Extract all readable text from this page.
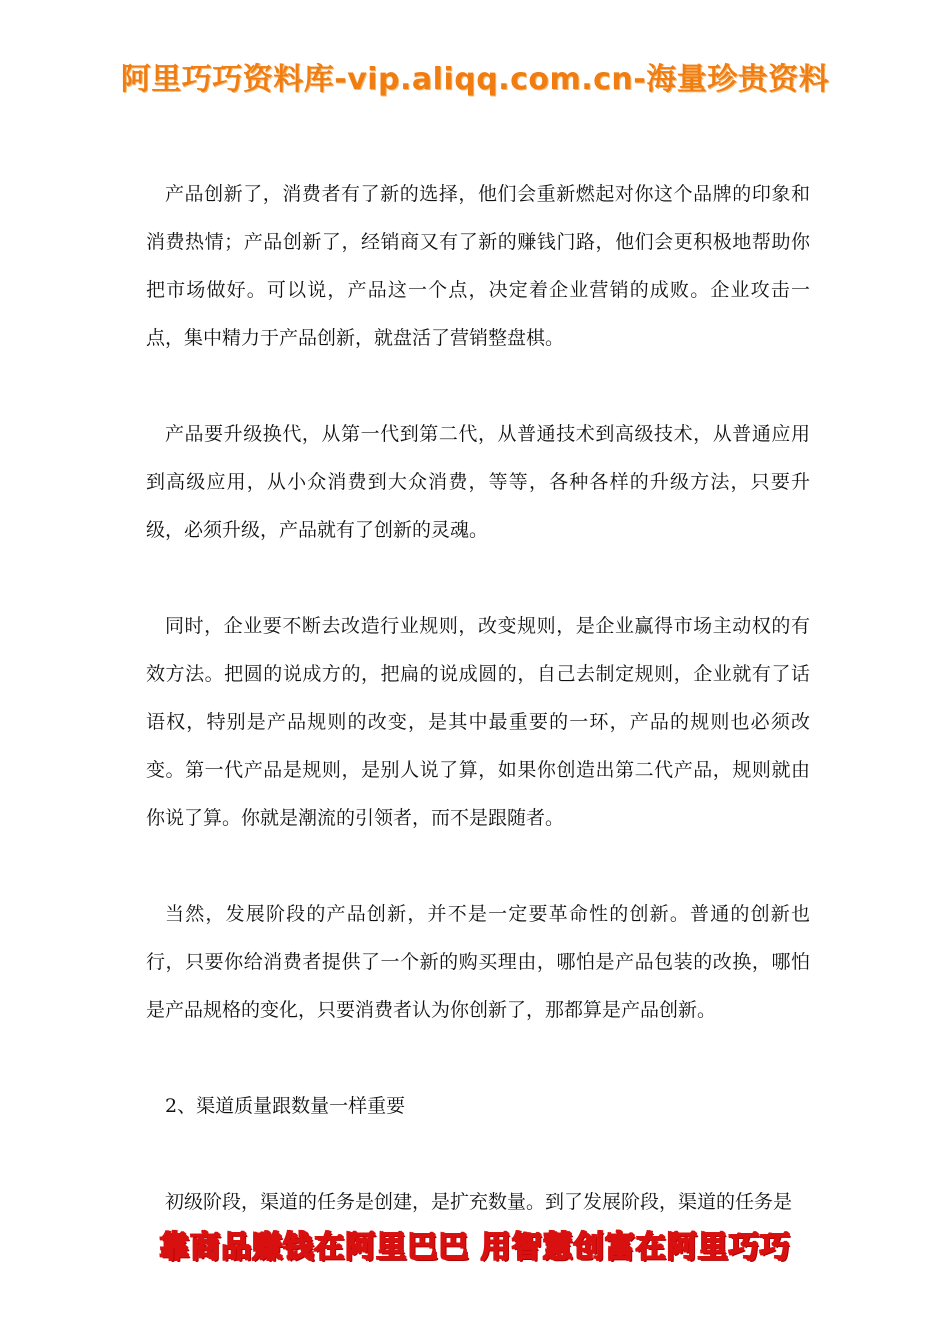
阿里巧巧资料库-vip.aliqq.com.cn-海量珍贵资料

产品创新了，消费者有了新的选择，他们会重新燃起对你这个品牌的印象和消费热情；产品创新了，经销商又有了新的赚钱门路，他们会更积极地帮助你把市场做好。可以说，产品这一个点，决定着企业营销的成败。企业攻击一点，集中精力于产品创新，就盘活了营销整盘棋。

产品要升级换代，从第一代到第二代，从普通技术到高级技术，从普通应用到高级应用，从小众消费到大众消费，等等，各种各样的升级方法，只要升级，必须升级，产品就有了创新的灵魂。

同时，企业要不断去改造行业规则，改变规则，是企业赢得市场主动权的有效方法。把圆的说成方的，把扁的说成圆的，自己去制定规则，企业就有了话语权，特别是产品规则的改变，是其中最重要的一环，产品的规则也必须改变。第一代产品是规则，是别人说了算，如果你创造出第二代产品，规则就由你说了算。你就是潮流的引领者，而不是跟随者。

当然，发展阶段的产品创新，并不是一定要革命性的创新。普通的创新也行，只要你给消费者提供了一个新的购买理由，哪怕是产品包装的改换，哪怕是产品规格的变化，只要消费者认为你创新了，那都算是产品创新。

2、渠道质量跟数量一样重要

初级阶段，渠道的任务是创建，是扩充数量。到了发展阶段，渠道的任务是

靠商品赚钱在阿里巴巴 用智慧创富在阿里巧巧
